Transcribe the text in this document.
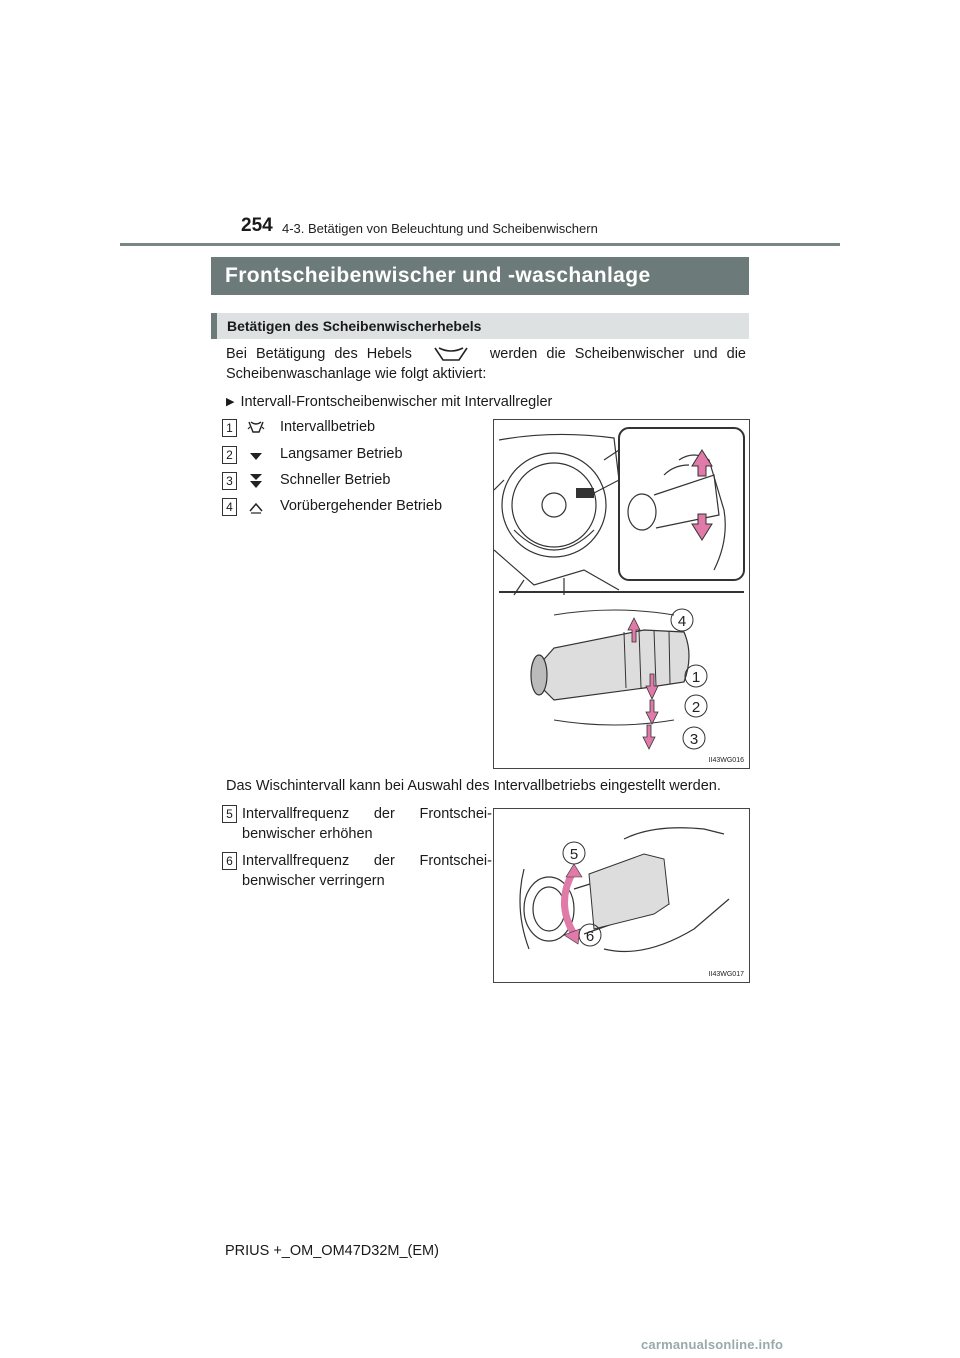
254 4-3. Betätigen von Beleuchtung und Scheibenwischern
Frontscheibenwischer und -waschanlage
Betätigen des Scheibenwischerhebels
Bei Betätigung des Hebels	werden die Scheibenwischer und die
Scheibenwaschanlage wie folgt aktiviert:
▶ Intervall-Frontscheibenwischer mit Intervallregler
1	Intervallbetrieb
2	Langsamer Betrieb
3	Schneller Betrieb
4	Vorübergehender Betrieb
4
1
2
3
II43WG016
Das Wischintervall kann bei Auswahl des Intervallbetriebs eingestellt werden.
5 Intervallfrequenz der Frontschei-
benwischer erhöhen
6 Intervallfrequenz der Frontschei-
benwischer verringern
5
6
II43WG017
PRIUS +_OM_OM47D32M_(EM)
carmanualsonline.info
